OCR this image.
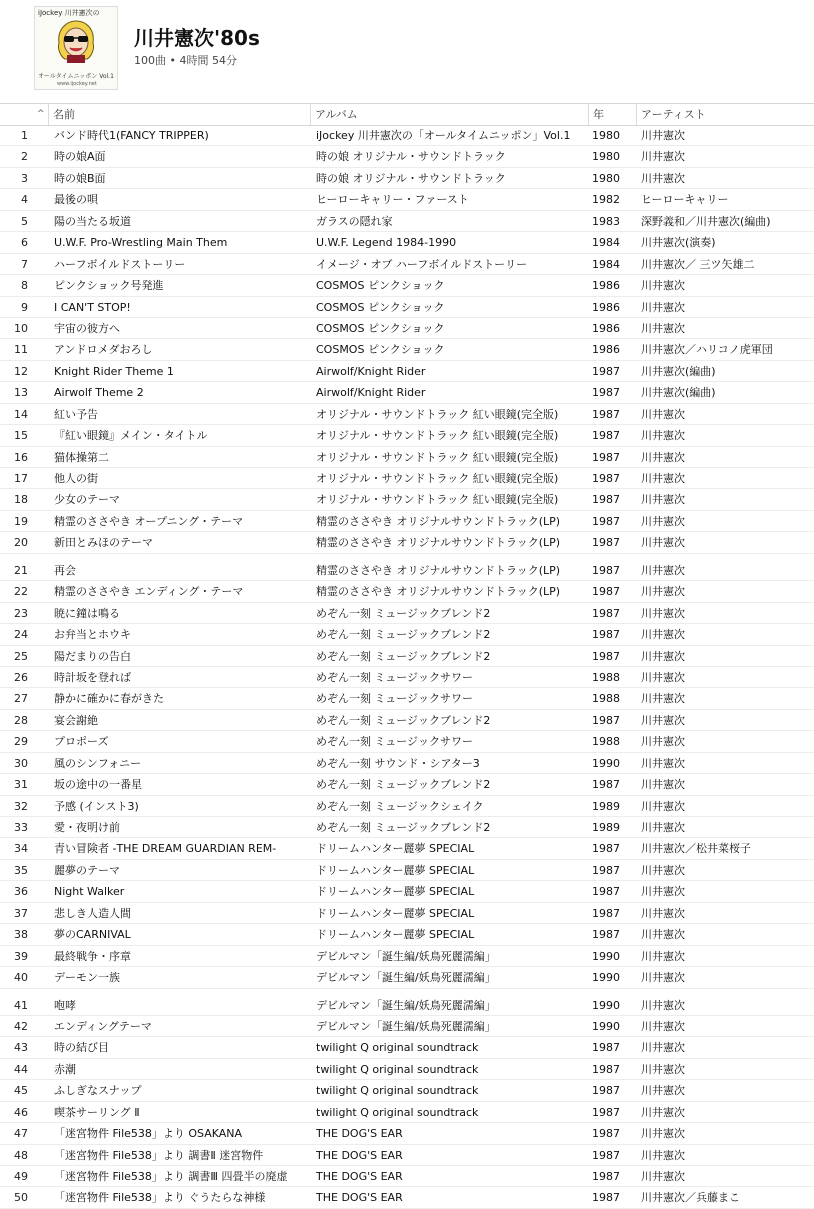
iJockey 川井憲次の
オールタイムニッポン Vol.1
www.ijockey.net
川井憲次'80s
100曲 • 4時間 54分
^ 名前	アルバム	年	アーティスト
1 バンド時代1(FANCY TRIPPER)	iJockey 川井憲次の「オールタイムニッポン」Vol.1	1980	川井憲次
2 時の娘A面	時の娘 オリジナル・サウンドトラック	1980	川井憲次
3 時の娘B面	時の娘 オリジナル・サウンドトラック	1980	川井憲次
4 最後の唄	ヒーローキャリー・ファースト	1982	ヒーローキャリー
5 陽の当たる坂道	ガラスの隠れ家	1983	深野義和／川井憲次(編曲)
6 U.W.F. Pro-Wrestling Main Them	U.W.F. Legend 1984-1990	1984	川井憲次(演奏)
7 ハーフボイルドストーリー	イメージ・オブ ハーフボイルドストーリー	1984	川井憲次／ 三ツ矢雄二
8 ピンクショック号発進	COSMOS ピンクショック	1986	川井憲次
9 I CAN'T STOP!	COSMOS ピンクショック	1986	川井憲次
10 宇宙の彼方へ	COSMOS ピンクショック	1986	川井憲次
11 アンドロメダおろし	COSMOS ピンクショック	1986	川井憲次／ハリコノ虎軍団
12 Knight Rider Theme 1	Airwolf/Knight Rider	1987	川井憲次(編曲)
13 Airwolf Theme 2	Airwolf/Knight Rider	1987	川井憲次(編曲)
14 紅い予告	オリジナル・サウンドトラック 紅い眼鏡(完全版)	1987	川井憲次
15 『紅い眼鏡』メイン・タイトル	オリジナル・サウンドトラック 紅い眼鏡(完全版)	1987	川井憲次
16 猫体操第二	オリジナル・サウンドトラック 紅い眼鏡(完全版)	1987	川井憲次
17 他人の街	オリジナル・サウンドトラック 紅い眼鏡(完全版)	1987	川井憲次
18 少女のテーマ	オリジナル・サウンドトラック 紅い眼鏡(完全版)	1987	川井憲次
19 精霊のささやき オープニング・テーマ	精霊のささやき オリジナルサウンドトラック(LP)	1987	川井憲次
20 新田とみほのテーマ	精霊のささやき オリジナルサウンドトラック(LP)	1987	川井憲次
21 再会	精霊のささやき オリジナルサウンドトラック(LP)	1987	川井憲次
22 精霊のささやき エンディング・テーマ	精霊のささやき オリジナルサウンドトラック(LP)	1987	川井憲次
23 暁に鐘は鳴る	めぞん一刻 ミュージックブレンド2	1987	川井憲次
24 お弁当とホウキ	めぞん一刻 ミュージックブレンド2	1987	川井憲次
25 陽だまりの告白	めぞん一刻 ミュージックブレンド2	1987	川井憲次
26 時計坂を登れば	めぞん一刻 ミュージックサワー	1988	川井憲次
27 静かに確かに春がきた	めぞん一刻 ミュージックサワー	1988	川井憲次
28 宴会謝絶	めぞん一刻 ミュージックブレンド2	1987	川井憲次
29 プロポーズ	めぞん一刻 ミュージックサワー	1988	川井憲次
30 風のシンフォニー	めぞん一刻 サウンド・シアター3	1990	川井憲次
31 坂の途中の一番星	めぞん一刻 ミュージックブレンド2	1987	川井憲次
32 予感 (インスト3)	めぞん一刻 ミュージックシェイク	1989	川井憲次
33 愛・夜明け前	めぞん一刻 ミュージックブレンド2	1989	川井憲次
34 青い冒険者 -THE DREAM GUARDIAN REM-	ドリームハンター麗夢 SPECIAL	1987	川井憲次／松井菜桜子
35 麗夢のテーマ	ドリームハンター麗夢 SPECIAL	1987	川井憲次
36 Night Walker	ドリームハンター麗夢 SPECIAL	1987	川井憲次
37 悲しき人造人間	ドリームハンター麗夢 SPECIAL	1987	川井憲次
38 夢のCARNIVAL	ドリームハンター麗夢 SPECIAL	1987	川井憲次
39 最終戦争・序章	デビルマン「誕生編/妖鳥死麗濡編」	1990	川井憲次
40 デーモン一族	デビルマン「誕生編/妖鳥死麗濡編」	1990	川井憲次
41 咆哮	デビルマン「誕生編/妖鳥死麗濡編」	1990	川井憲次
42 エンディングテーマ	デビルマン「誕生編/妖鳥死麗濡編」	1990	川井憲次
43 時の結び目	twilight Q original soundtrack	1987	川井憲次
44 赤潮	twilight Q original soundtrack	1987	川井憲次
45 ふしぎなスナップ	twilight Q original soundtrack	1987	川井憲次
46 喫茶サーリング Ⅱ	twilight Q original soundtrack	1987	川井憲次
47 「迷宮物件 File538」より OSAKANA	THE DOG'S EAR	1987	川井憲次
48 「迷宮物件 File538」より 調書Ⅱ 迷宮物件	THE DOG'S EAR	1987	川井憲次
49 「迷宮物件 File538」より 調書Ⅲ 四畳半の廃虚	THE DOG'S EAR	1987	川井憲次
50 「迷宮物件 File538」より ぐうたらな神様	THE DOG'S EAR	1987	川井憲次／兵藤まこ
